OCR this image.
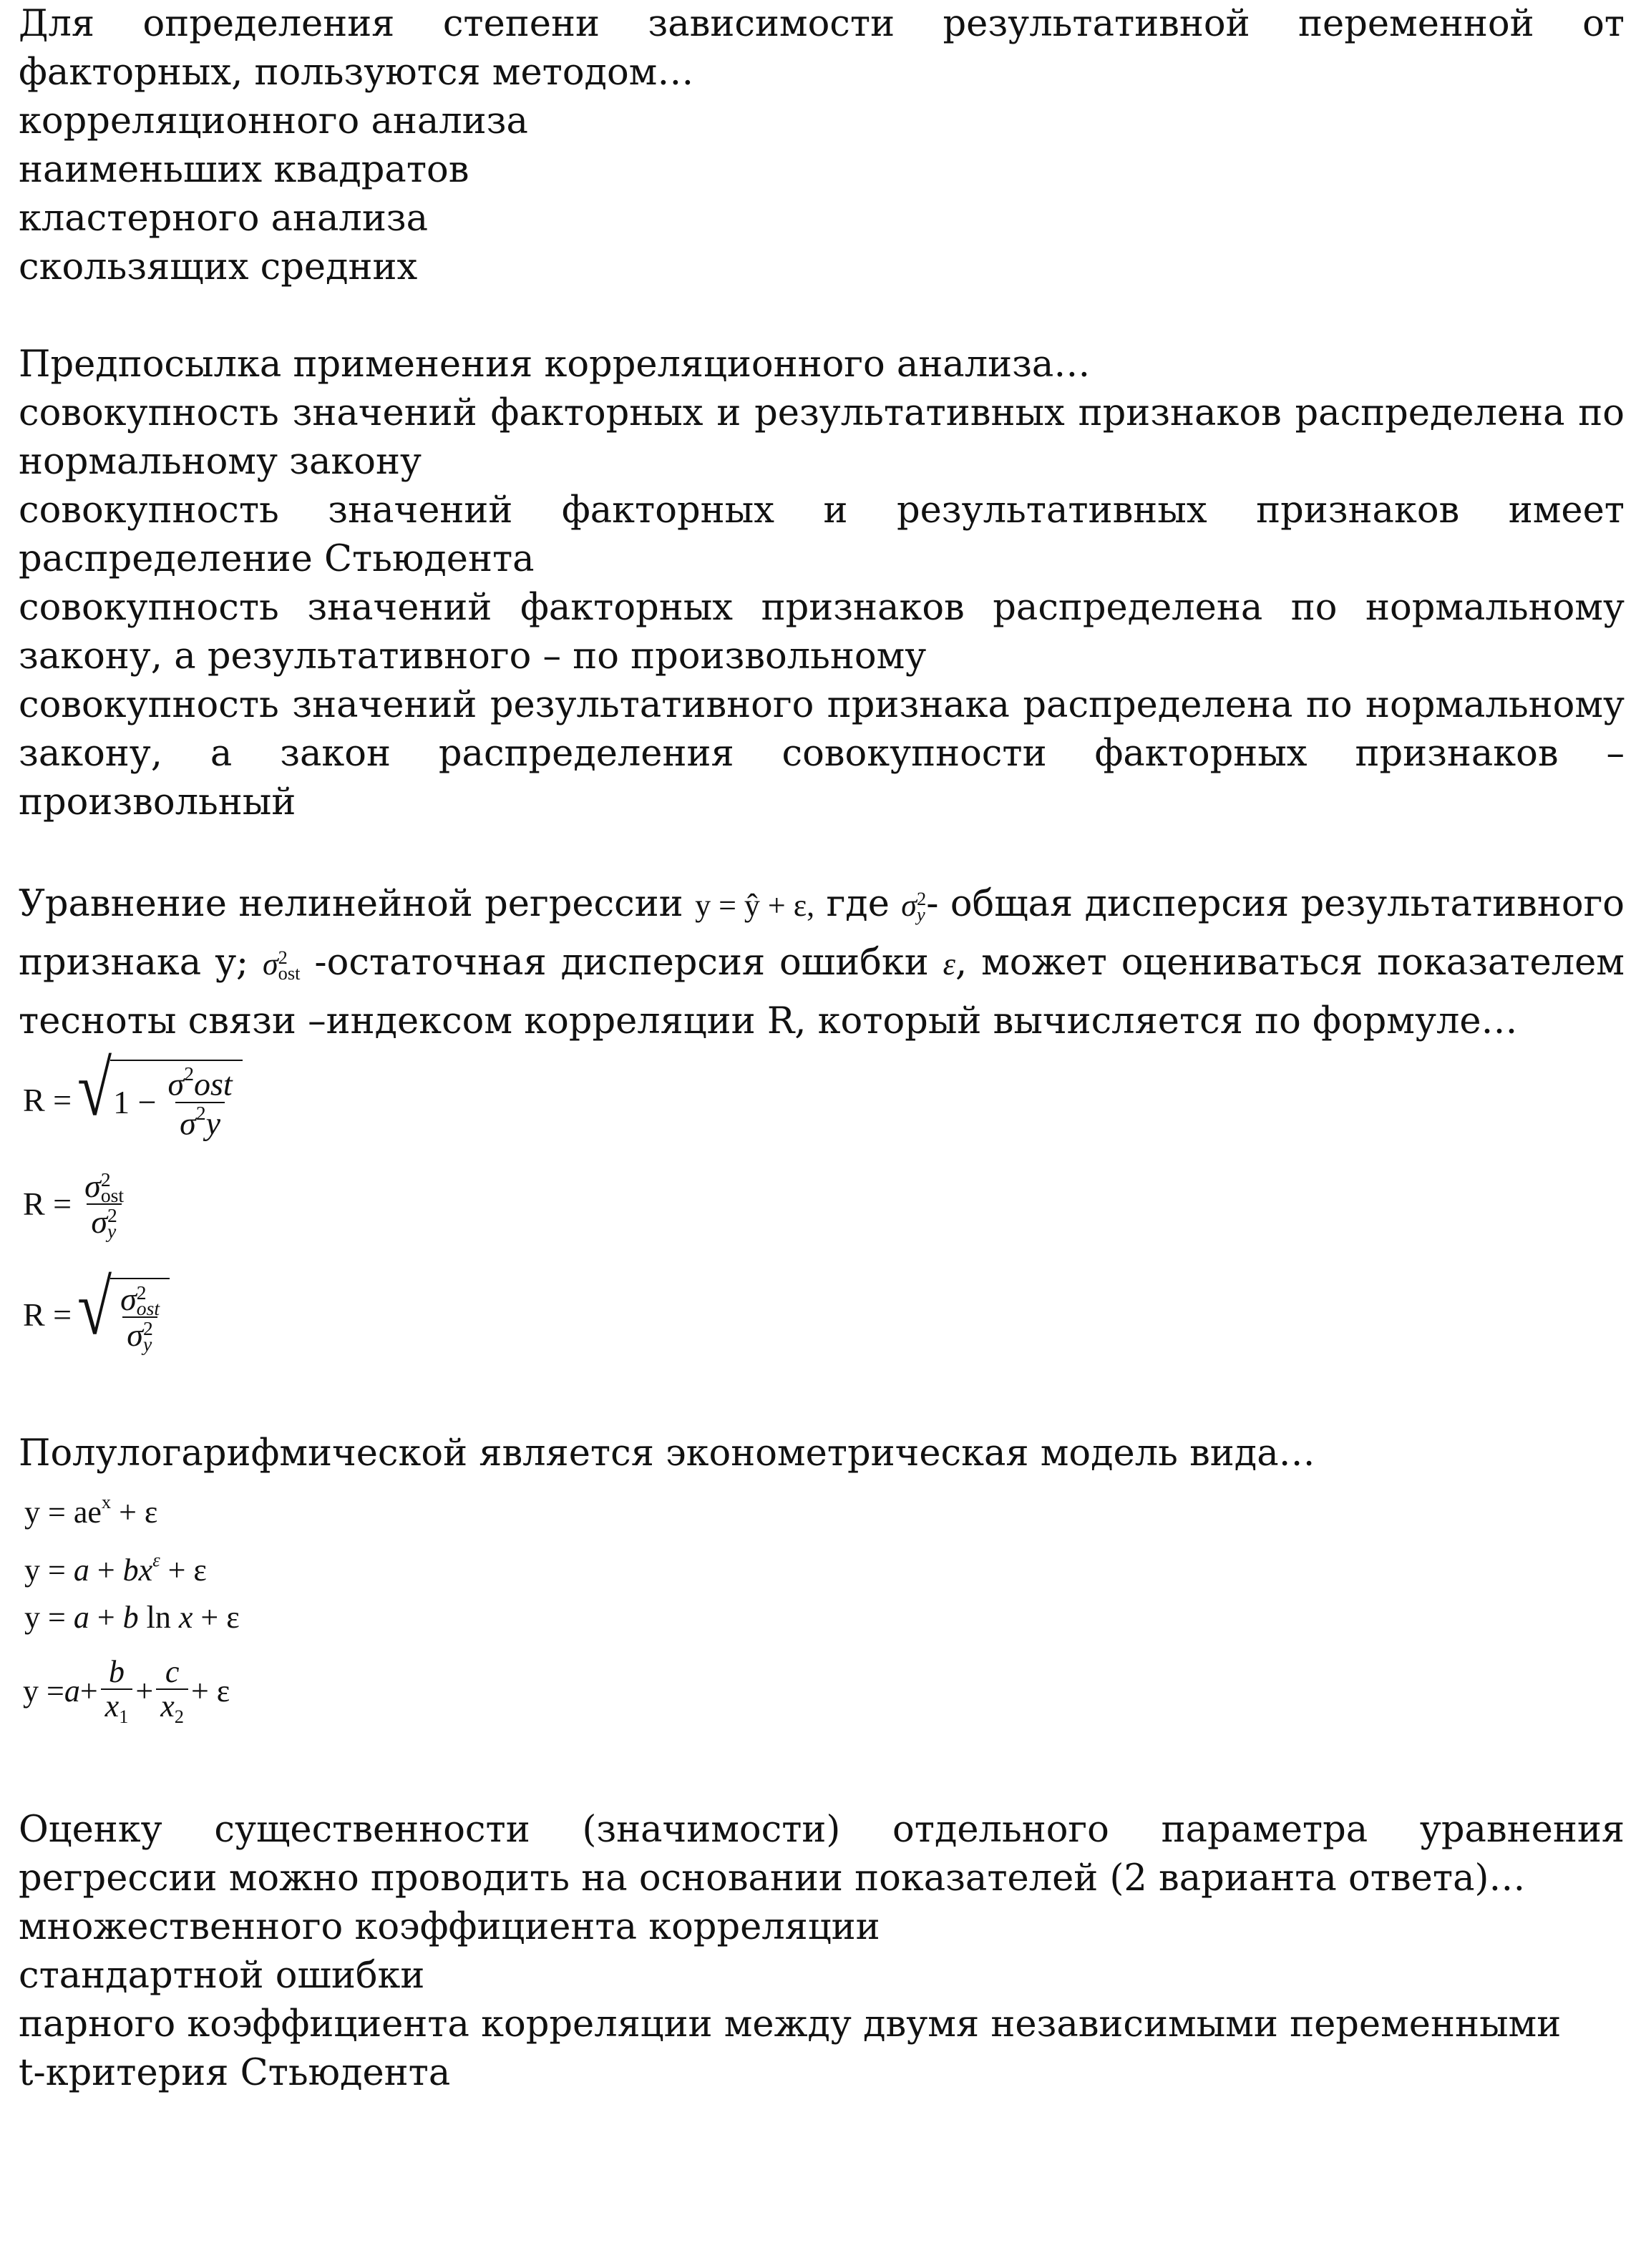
Для определения степени зависимости результативной переменной от факторных, пользуются методом…

корреляционного анализа

наименьших квадратов

кластерного анализа

скользящих средних

Предпосылка применения корреляционного анализа…

совокупность значений факторных и результативных признаков распределена по нормальному закону

совокупность значений факторных и результативных признаков имеет распределение Стьюдента

совокупность значений факторных признаков распределена по нормальному закону, а результативного – по произвольному

совокупность значений результативного признака распределена по нормальному закону, а закон распределения совокупности факторных признаков – произвольный

Уравнение нелинейной регрессии y = ŷ + ε, где σ 2
y - общая дисперсия результативного признака y; σ 2
ost -остаточная дисперсия ошибки ε, может оцениваться показателем тесноты связи –индексом корреляции R, который вычисляется по формуле…

R = √ $1 - \frac{\sigma^2ost}{\sigma^2y}$
R = σ 2
ost
σ 2
y
R = √ σ 2
ost
σ 2
y

Полулогарифмической является эконометрическая модель вида…

$y = ae^x + \varepsilon$
$y = a + bx^\varepsilon + \varepsilon$
y = a + b ln x + ε
$y = a + \frac{b}{x_1} + \frac{c}{x_2} + \varepsilon$

Оценку существенности (значимости) отдельного параметра уравнения регрессии можно проводить на основании показателей (2 варианта ответа)…

множественного коэффициента корреляции

стандартной ошибки

парного коэффициента корреляции между двумя независимыми переменными

t-критерия Стьюдента
